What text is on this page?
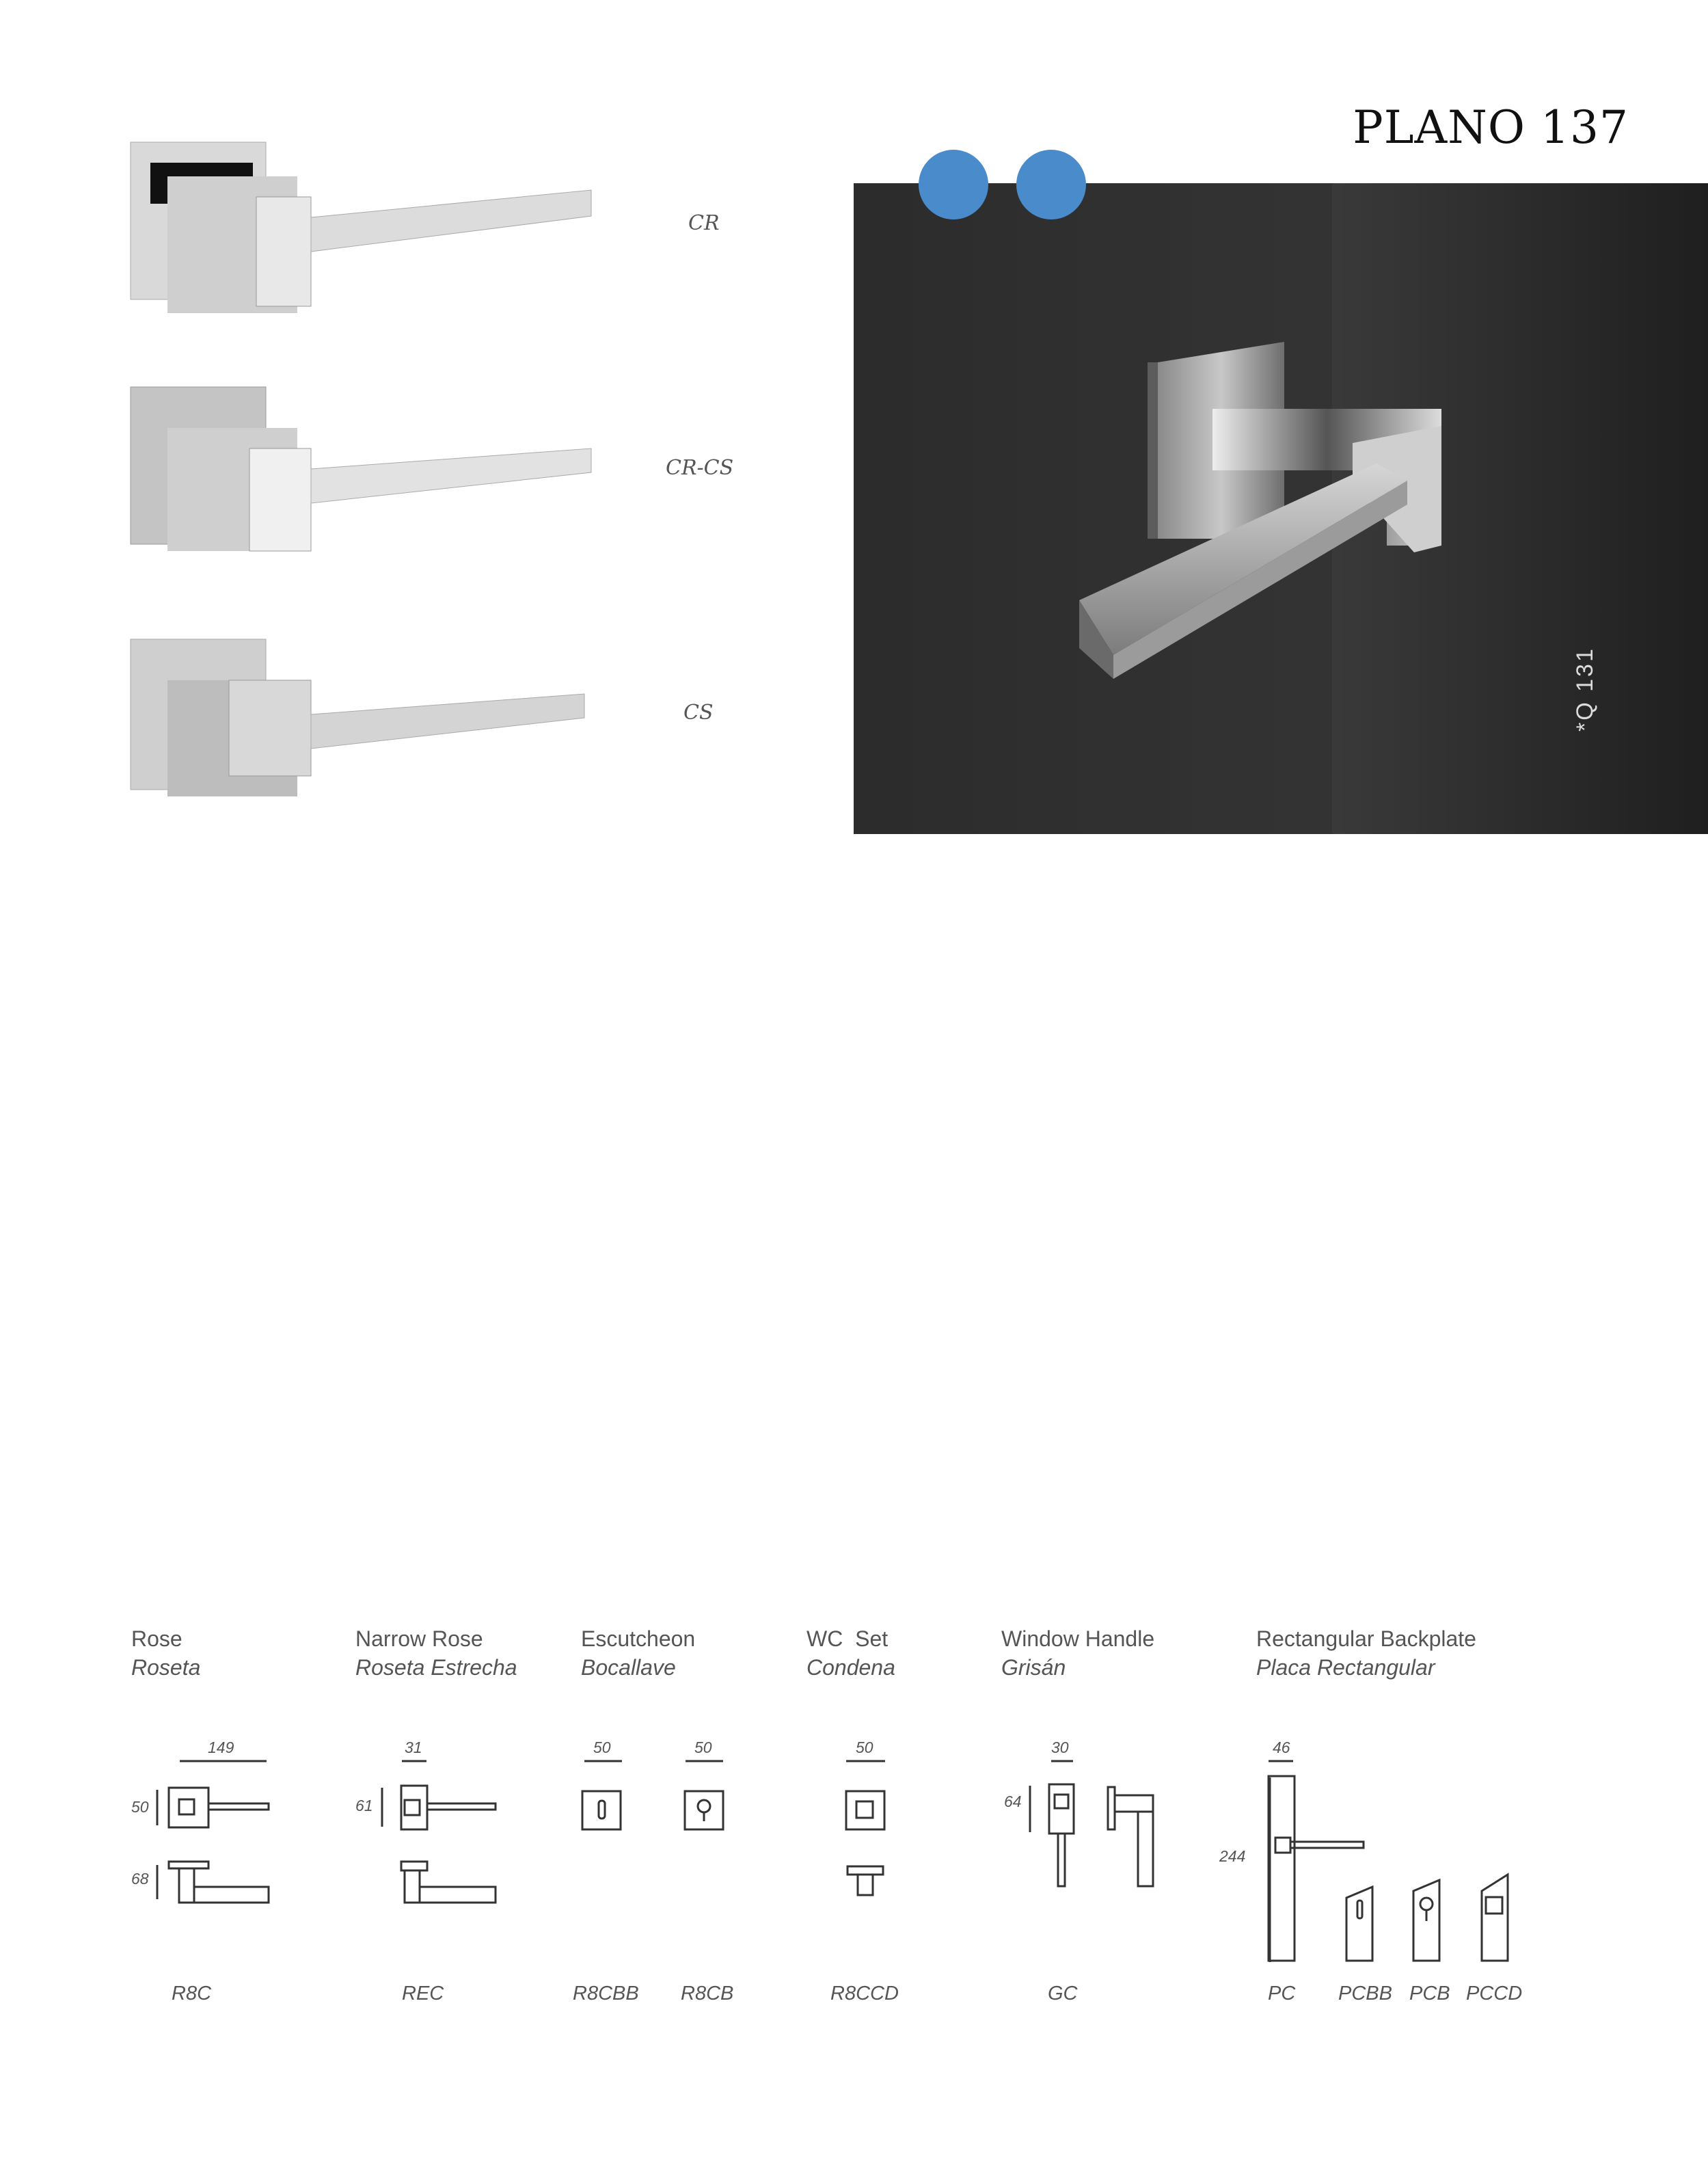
PLANO 137
*Q 131
CR
CR-CS
CS
Rose
Roseta
Narrow Rose
Roseta Estrecha
Escutcheon
Bocallave
WC  Set
Condena
Window Handle
Grisán
Rectangular Backplate
Placa Rectangular
149
50
68
31
61
50	50	50	30
64
46
244
R8C	REC	R8CBB R8CB	R8CCD	GC	PC PCBB PCB PCCD
